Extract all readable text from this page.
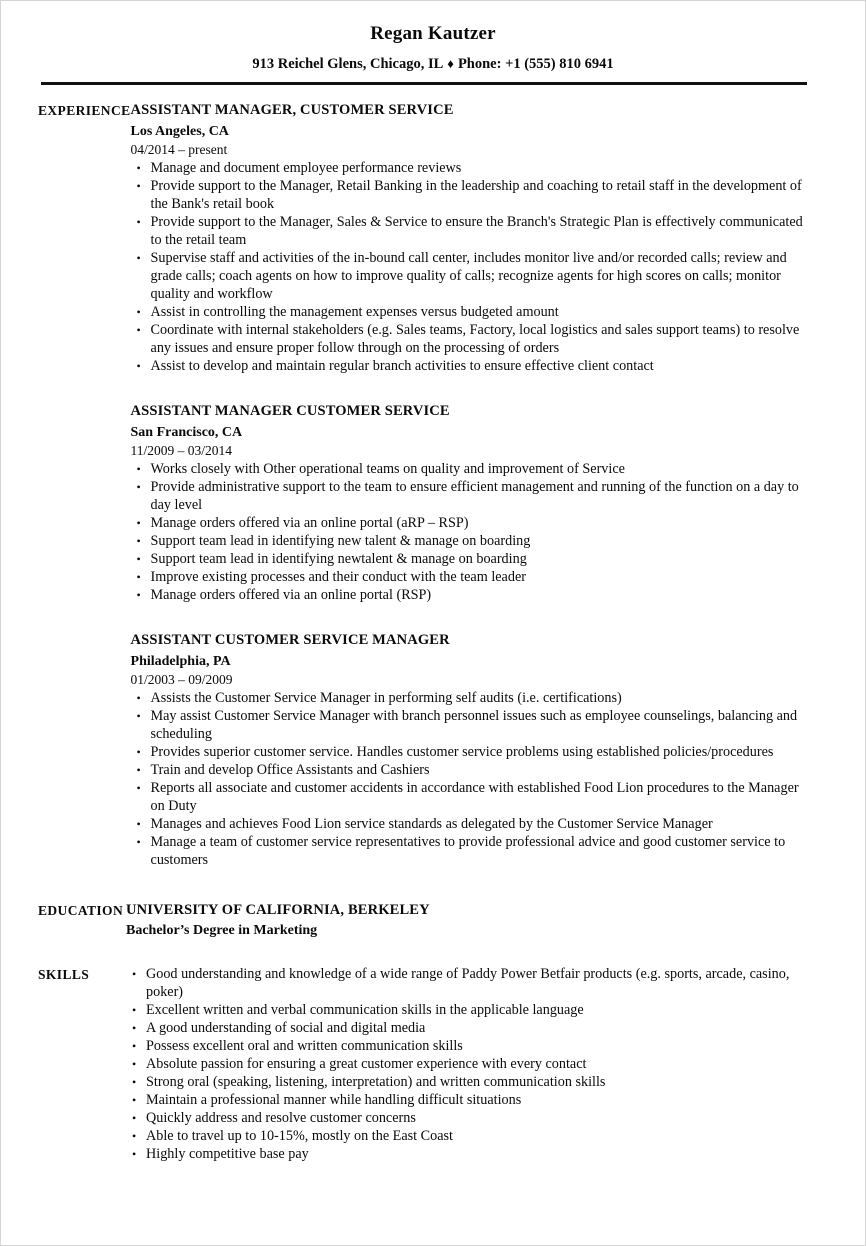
Regan Kautzer

913 Reichel Glens, Chicago, IL ♦ Phone: +1 (555) 810 6941

EXPERIENCE ASSISTANT MANAGER, CUSTOMER SERVICE
Los Angeles, CA
04/2014 – present
• Manage and document employee performance reviews
• Provide support to the Manager, Retail Banking in the leadership and coaching to retail staff in the development of the Bank's retail book
• Provide support to the Manager, Sales & Service to ensure the Branch's Strategic Plan is effectively communicated to the retail team
• Supervise staff and activities of the in-bound call center, includes monitor live and/or recorded calls; review and grade calls; coach agents on how to improve quality of calls; recognize agents for high scores on calls; monitor quality and workflow
• Assist in controlling the management expenses versus budgeted amount
• Coordinate with internal stakeholders (e.g. Sales teams, Factory, local logistics and sales support teams) to resolve any issues and ensure proper follow through on the processing of orders
• Assist to develop and maintain regular branch activities to ensure effective client contact
ASSISTANT MANAGER CUSTOMER SERVICE
San Francisco, CA
11/2009 – 03/2014
• Works closely with Other operational teams on quality and improvement of Service
• Provide administrative support to the team to ensure efficient management and running of the function on a day to day level
• Manage orders offered via an online portal (aRP – RSP)
• Support team lead in identifying new talent & manage on boarding
• Support team lead in identifying newtalent & manage on boarding
• Improve existing processes and their conduct with the team leader
• Manage orders offered via an online portal (RSP)
ASSISTANT CUSTOMER SERVICE MANAGER
Philadelphia, PA
01/2003 – 09/2009
• Assists the Customer Service Manager in performing self audits (i.e. certifications)
• May assist Customer Service Manager with branch personnel issues such as employee counselings, balancing and scheduling
• Provides superior customer service. Handles customer service problems using established policies/procedures
• Train and develop Office Assistants and Cashiers
• Reports all associate and customer accidents in accordance with established Food Lion procedures to the Manager on Duty
• Manages and achieves Food Lion service standards as delegated by the Customer Service Manager
• Manage a team of customer service representatives to provide professional advice and good customer service to customers
EDUCATION UNIVERSITY OF CALIFORNIA, BERKELEY
Bachelor’s Degree in Marketing
SKILLS	• Good understanding and knowledge of a wide range of Paddy Power Betfair products (e.g. sports, arcade, casino, poker)
• Excellent written and verbal communication skills in the applicable language
• A good understanding of social and digital media
• Possess excellent oral and written communication skills
• Absolute passion for ensuring a great customer experience with every contact
• Strong oral (speaking, listening, interpretation) and written communication skills
• Maintain a professional manner while handling difficult situations
• Quickly address and resolve customer concerns
• Able to travel up to 10-15%, mostly on the East Coast
• Highly competitive base pay
